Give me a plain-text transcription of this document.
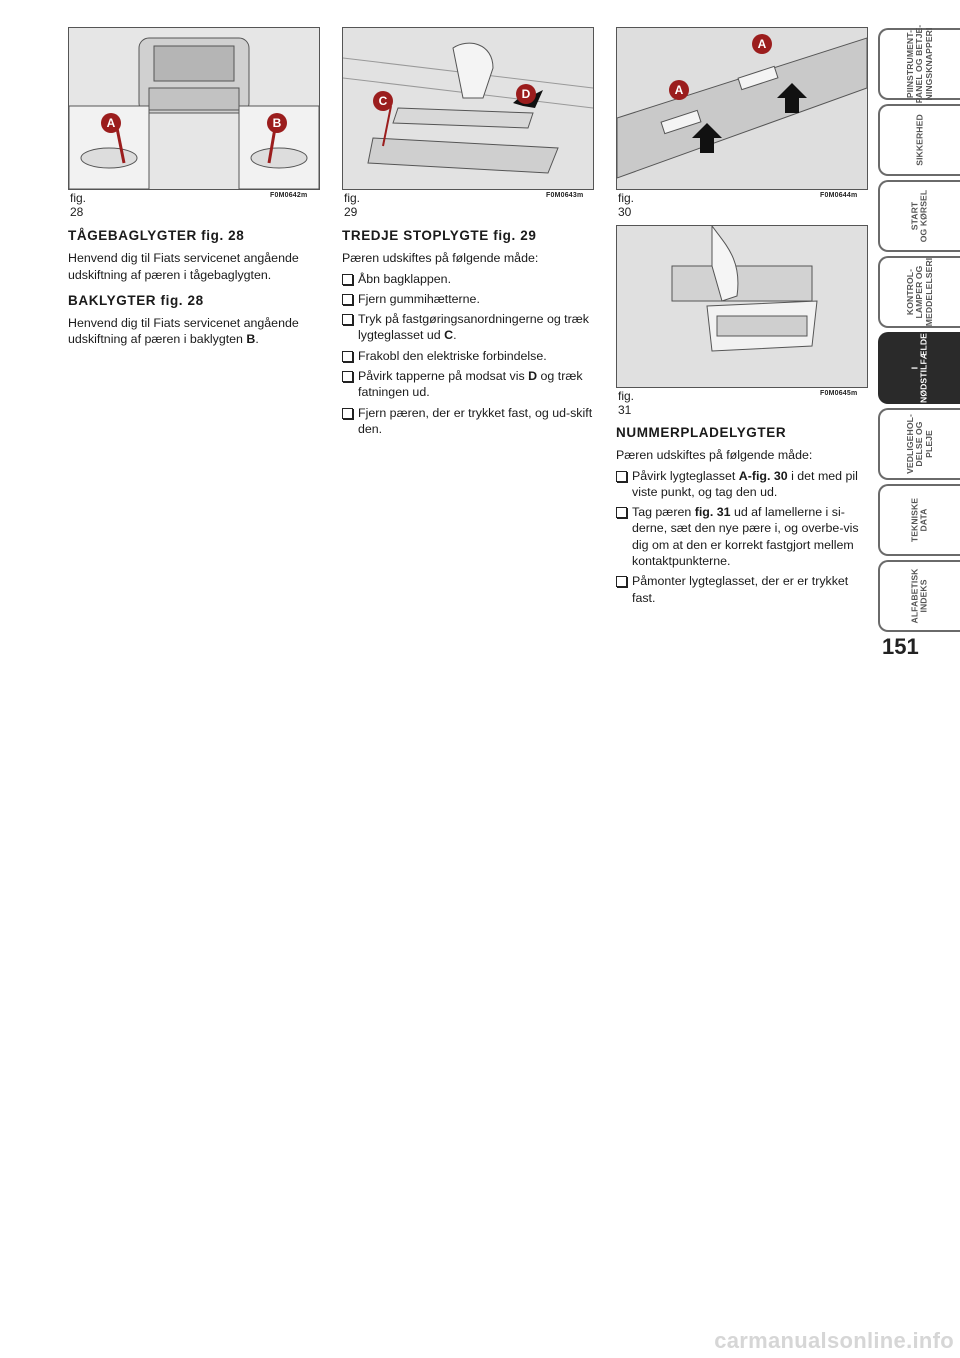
A	B
fig. 28
F0M0642m
C	D
fig. 29
F0M0643m
A
A
fig. 30
F0M0644m
fig. 31
F0M0645m
TÅGEBAGLYGTER fig. 28

Henvend dig til Fiats servicenet angående udskiftning af pæren i tågebaglygten.

BAKLYGTER fig. 28

Henvend dig til Fiats servicenet angående udskiftning af pæren i baklygten B.

TREDJE STOPLYGTE fig. 29

Pæren udskiftes på følgende måde:

Åbn bagklappen.
Fjern gummihætterne.
Tryk på fastgøringsanordningerne og træk lygteglasset ud C.
Frakobl den elektriske forbindelse.
Påvirk tapperne på modsat vis D og træk fatningen ud.
Fjern pæren, der er trykket fast, og ud-skift den.	NUMMERPLADELYGTER

Pæren udskiftes på følgende måde:

Påvirk lygteglasset A-fig. 30 i det med pil viste punkt, og tag den ud.
Tag pæren fig. 31 ud af lamellerne i si-derne, sæt den nye pære i, og overbe-vis dig om at den er korrekt fastgjort mellem kontaktpunkterne.
Påmonter lygteglasset, der er er trykket fast.
PIINSTRUMENT-
PANEL OG BETJE-
NINGSKNAPPERI
SIKKERHED
START
OG KØRSEL
KONTROL-
LAMPER OG
MEDDELELSERI
I
NØDSTILFÆLDE
VEDLIGEHOL-
DELSE OG
PLEJE
TEKNISKE
DATA
ALFABETISK
INDEKS
151
carmanualsonline.info
